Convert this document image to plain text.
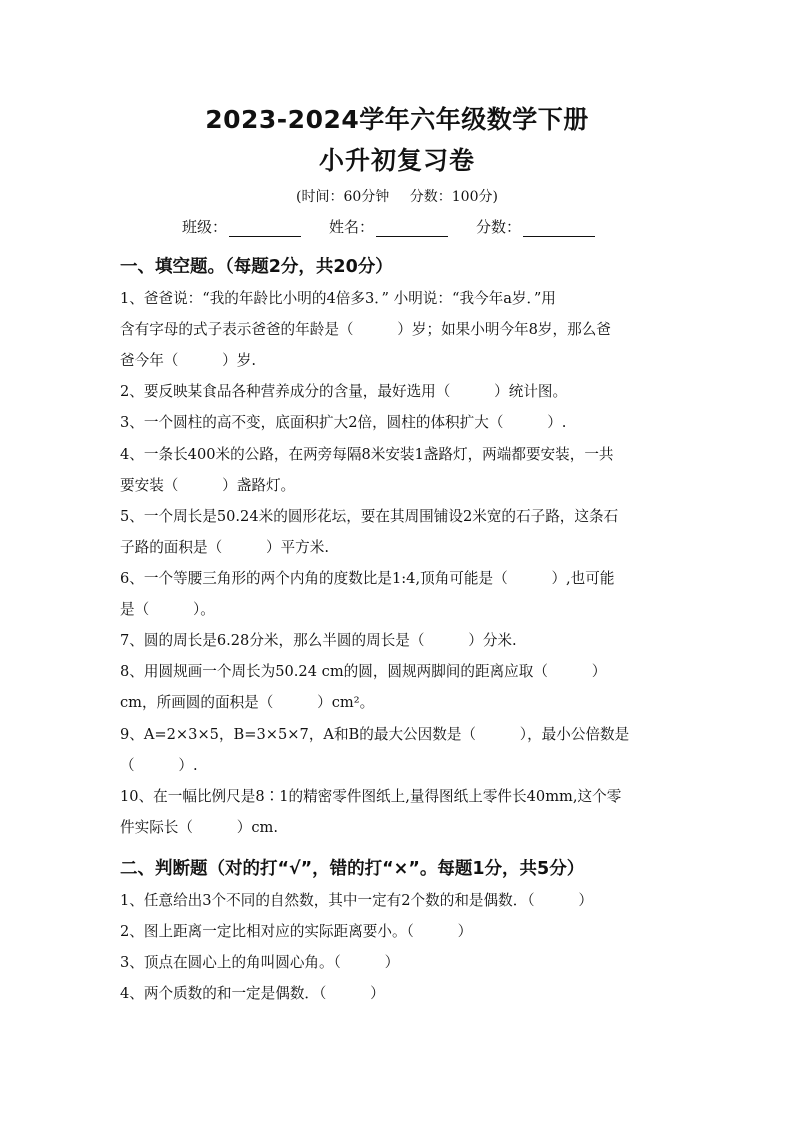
2023-2024学年六年级数学下册
小升初复习卷
(时间：60分钟 分数：100分)
班级：	姓名：	分数：
一、填空题。（每题2分，共20分）
1、爸爸说：“我的年龄比小明的4倍多3．” 小明说：“我今年a岁．”用
含有字母的式子表示爸爸的年龄是（　　　）岁；如果小明今年8岁，那么爸
爸今年（　　　）岁.
2、要反映某食品各种营养成分的含量，最好选用（　　　）统计图。
3、一个圆柱的高不变，底面积扩大2倍，圆柱的体积扩大（　　　）.
4、一条长400米的公路，在两旁每隔8米安装1盏路灯，两端都要安装，一共
要安装（　　　）盏路灯。
5、一个周长是50.24米的圆形花坛，要在其周围铺设2米宽的石子路，这条石
子路的面积是（　　　）平方米.
6、一个等腰三角形的两个内角的度数比是1:4,顶角可能是（　　　）,也可能
是（　　　）。
7、圆的周长是6.28分米，那么半圆的周长是（　　　）分米.
8、用圆规画一个周长为50.24 cm的圆，圆规两脚间的距离应取（　　　）
cm，所画圆的面积是（　　　）cm²。
9、A=2×3×5，B=3×5×7，A和B的最大公因数是（　　　），最小公倍数是
（　　　）.
10、在一幅比例尺是8∶1的精密零件图纸上,量得图纸上零件长40mm,这个零
件实际长（　　　）cm.
二、判断题（对的打“√”，错的打“×”。每题1分，共5分）
1、任意给出3个不同的自然数，其中一定有2个数的和是偶数．（　　　）
2、图上距离一定比相对应的实际距离要小。（　　　）
3、顶点在圆心上的角叫圆心角。（　　　）
4、两个质数的和一定是偶数．（　　　）
